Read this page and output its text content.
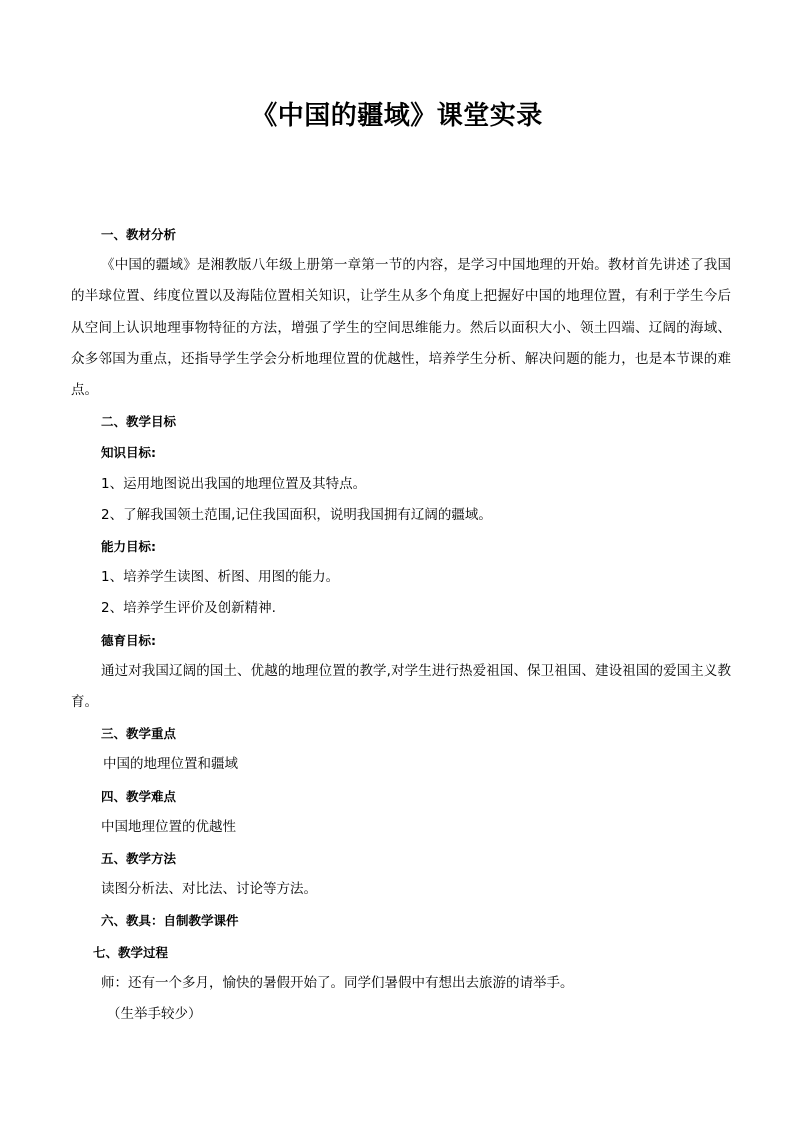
《中国的疆域》课堂实录
一、教材分析

《中国的疆域》是湘教版八年级上册第一章第一节的内容，是学习中国地理的开始。教材首先讲述了我国的半球位置、纬度位置以及海陆位置相关知识，让学生从多个角度上把握好中国的地理位置，有利于学生今后从空间上认识地理事物特征的方法，增强了学生的空间思维能力。然后以面积大小、领土四端、辽阔的海域、众多邻国为重点，还指导学生学会分析地理位置的优越性，培养学生分析、解决问题的能力，也是本节课的难点。

二、教学目标
知识目标:
1、运用地图说出我国的地理位置及其特点。
2、了解我国领土范围,记住我国面积，说明我国拥有辽阔的疆域。
能力目标:
1、培养学生读图、析图、用图的能力。
2、培养学生评价及创新精神.
德育目标:

通过对我国辽阔的国土、优越的地理位置的教学,对学生进行热爱祖国、保卫祖国、建设祖国的爱国主义教育。

三、教学重点
中国的地理位置和疆域
四、教学难点
中国地理位置的优越性
五、教学方法
读图分析法、对比法、讨论等方法。
六、教具：自制教学课件
七、教学过程
师：还有一个多月，愉快的暑假开始了。同学们暑假中有想出去旅游的请举手。
（生举手较少）
